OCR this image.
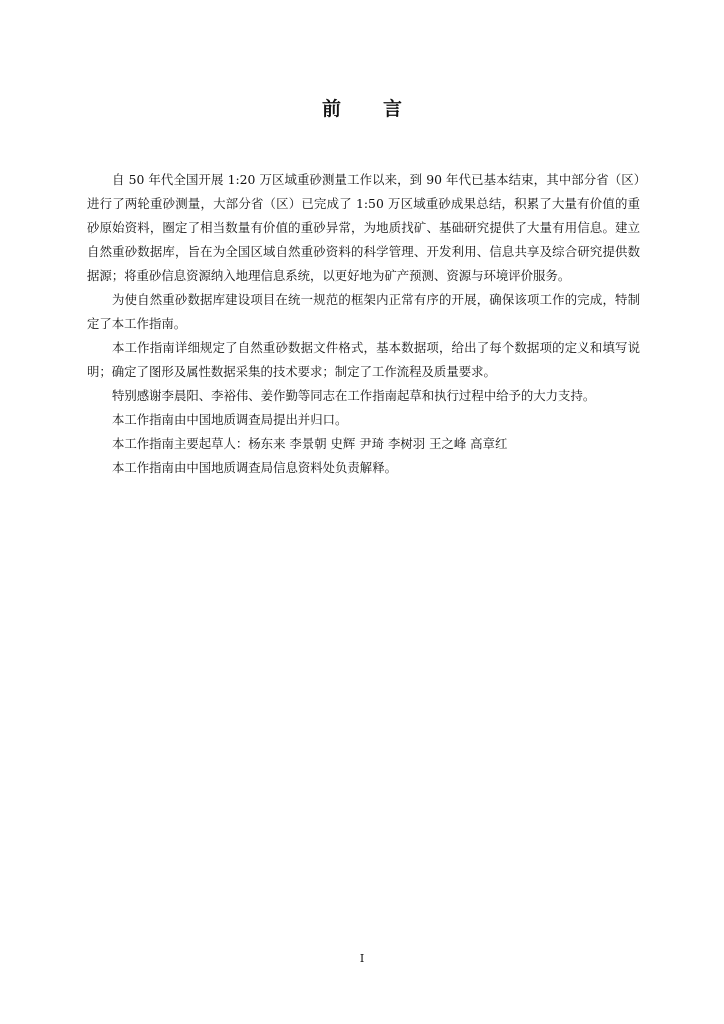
前 言

自 50 年代全国开展 1:20 万区域重砂测量工作以来，到 90 年代已基本结束，其中部分省（区）进行了两轮重砂测量，大部分省（区）已完成了 1:50 万区域重砂成果总结，积累了大量有价值的重砂原始资料，圈定了相当数量有价值的重砂异常，为地质找矿、基础研究提供了大量有用信息。建立自然重砂数据库，旨在为全国区域自然重砂资料的科学管理、开发利用、信息共享及综合研究提供数据源；将重砂信息资源纳入地理信息系统，以更好地为矿产预测、资源与环境评价服务。

为使自然重砂数据库建设项目在统一规范的框架内正常有序的开展，确保该项工作的完成，特制定了本工作指南。

本工作指南详细规定了自然重砂数据文件格式，基本数据项，给出了每个数据项的定义和填写说明；确定了图形及属性数据采集的技术要求；制定了工作流程及质量要求。

特别感谢李晨阳、李裕伟、姜作勤等同志在工作指南起草和执行过程中给予的大力支持。

本工作指南由中国地质调查局提出并归口。

本工作指南主要起草人：杨东来 李景朝 史辉 尹琦 李树羽 王之峰 高章红

本工作指南由中国地质调查局信息资料处负责解释。

I
